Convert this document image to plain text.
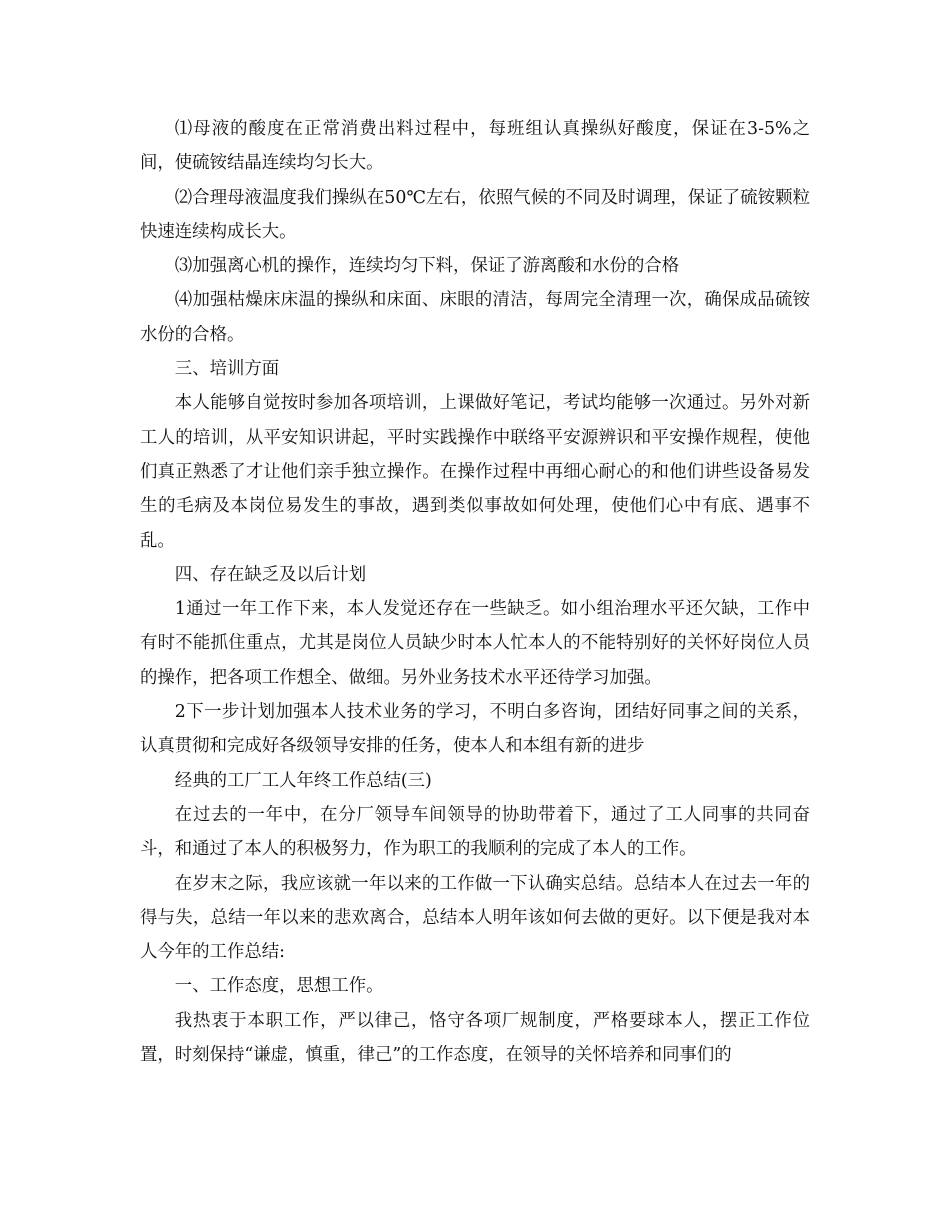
⑴母液的酸度在正常消费出料过程中，每班组认真操纵好酸度，保证在3-5%之间，使硫铵结晶连续均匀长大。

⑵合理母液温度我们操纵在50℃左右，依照气候的不同及时调理，保证了硫铵颗粒快速连续构成长大。

⑶加强离心机的操作，连续均匀下料，保证了游离酸和水份的合格

⑷加强枯燥床床温的操纵和床面、床眼的清洁，每周完全清理一次，确保成品硫铵水份的合格。

三、培训方面

本人能够自觉按时参加各项培训，上课做好笔记，考试均能够一次通过。另外对新工人的培训，从平安知识讲起，平时实践操作中联络平安源辨识和平安操作规程，使他们真正熟悉了才让他们亲手独立操作。在操作过程中再细心耐心的和他们讲些设备易发生的毛病及本岗位易发生的事故，遇到类似事故如何处理，使他们心中有底、遇事不乱。

四、存在缺乏及以后计划

1通过一年工作下来，本人发觉还存在一些缺乏。如小组治理水平还欠缺，工作中有时不能抓住重点，尤其是岗位人员缺少时本人忙本人的不能特别好的关怀好岗位人员的操作，把各项工作想全、做细。另外业务技术水平还待学习加强。

2下一步计划加强本人技术业务的学习，不明白多咨询，团结好同事之间的关系，认真贯彻和完成好各级领导安排的任务，使本人和本组有新的进步

经典的工厂工人年终工作总结(三)

在过去的一年中，在分厂领导车间领导的协助带着下，通过了工人同事的共同奋斗，和通过了本人的积极努力，作为职工的我顺利的完成了本人的工作。

在岁末之际，我应该就一年以来的工作做一下认确实总结。总结本人在过去一年的得与失，总结一年以来的悲欢离合，总结本人明年该如何去做的更好。以下便是我对本人今年的工作总结:

一、工作态度，思想工作。

我热衷于本职工作，严以律己，恪守各项厂规制度，严格要球本人，摆正工作位置，时刻保持“谦虚，慎重，律己”的工作态度，在领导的关怀培养和同事们的
